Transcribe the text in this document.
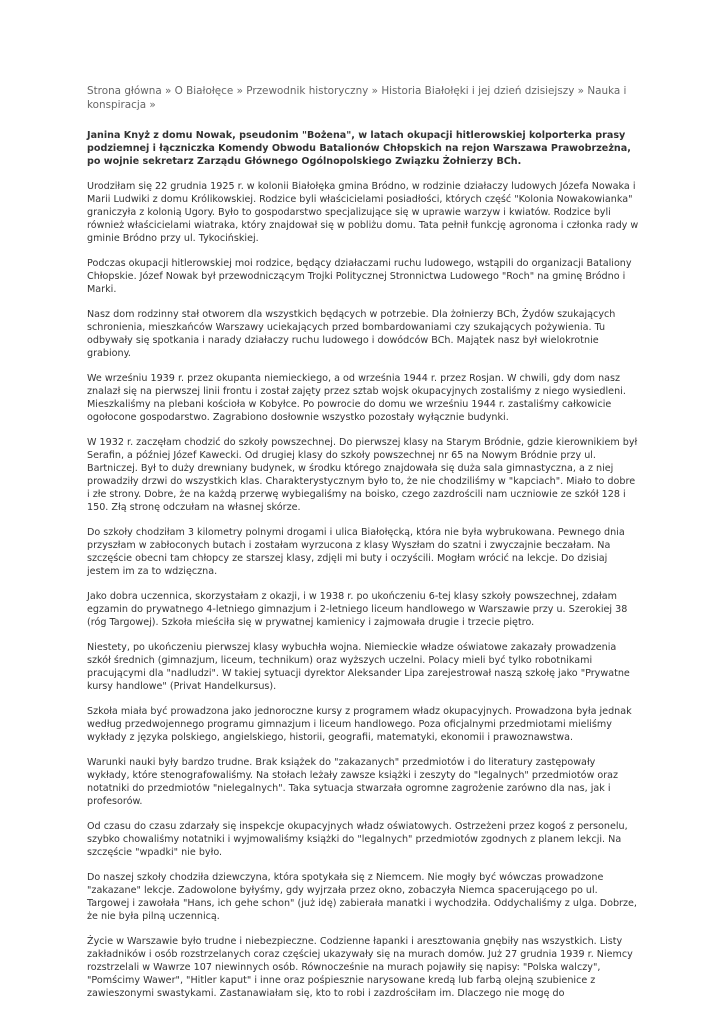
Strona główna » O Białołęce » Przewodnik historyczny » Historia Białołęki i jej dzień dzisiejszy » Nauka i konspiracja »

Janina Knyż z domu Nowak, pseudonim "Bożena", w latach okupacji hitlerowskiej kolporterka prasy podziemnej i łączniczka Komendy Obwodu Batalionów Chłopskich na rejon Warszawa Prawobrzeżna, po wojnie sekretarz Zarządu Głównego Ogólnopolskiego Związku Żołnierzy BCh.

Urodziłam się 22 grudnia 1925 r. w kolonii Białołęka gmina Bródno, w rodzinie działaczy ludowych Józefa Nowaka i Marii Ludwiki z domu Królikowskiej. Rodzice byli właścicielami posiadłości, których część "Kolonia Nowakowianka" graniczyła z kolonią Ugory. Było to gospodarstwo specjalizujące się w uprawie warzyw i kwiatów. Rodzice byli również właścicielami wiatraka, który znajdował się w pobliżu domu. Tata pełnił funkcję agronoma i członka rady w gminie Bródno przy ul. Tykocińskiej.

Podczas okupacji hitlerowskiej moi rodzice, będący działaczami ruchu ludowego, wstąpili do organizacji Bataliony Chłopskie. Józef Nowak był przewodniczącym Trojki Politycznej Stronnictwa Ludowego "Roch" na gminę Bródno i Marki.

Nasz dom rodzinny stał otworem dla wszystkich będących w potrzebie. Dla żołnierzy BCh, Żydów szukających schronienia, mieszkańców Warszawy uciekających przed bombardowaniami czy szukających pożywienia. Tu odbywały się spotkania i narady działaczy ruchu ludowego i dowódców BCh. Majątek nasz był wielokrotnie grabiony.

We wrześniu 1939 r. przez okupanta niemieckiego, a od września 1944 r. przez Rosjan. W chwili, gdy dom nasz znalazł się na pierwszej linii frontu i został zajęty przez sztab wojsk okupacyjnych zostaliśmy z niego wysiedleni. Mieszkaliśmy na plebani kościoła w Kobyłce. Po powrocie do domu we wrześniu 1944 r. zastaliśmy całkowicie ogołocone gospodarstwo. Zagrabiono dosłownie wszystko pozostały wyłącznie budynki.

W 1932 r. zaczęłam chodzić do szkoły powszechnej. Do pierwszej klasy na Starym Bródnie, gdzie kierownikiem był Serafin, a później Józef Kawecki. Od drugiej klasy do szkoły powszechnej nr 65 na Nowym Bródnie przy ul. Bartniczej. Był to duży drewniany budynek, w środku którego znajdowała się duża sala gimnastyczna, a z niej prowadziły drzwi do wszystkich klas. Charakterystycznym było to, że nie chodziliśmy w "kapciach". Miało to dobre i złe strony. Dobre, że na każdą przerwę wybiegaliśmy na boisko, czego zazdrościli nam uczniowie ze szkół 128 i 150. Złą stronę odczułam na własnej skórze.

Do szkoły chodziłam 3 kilometry polnymi drogami i ulica Białołęcką, która nie była wybrukowana. Pewnego dnia przyszłam w zabłoconych butach i zostałam wyrzucona z klasy Wyszłam do szatni i zwyczajnie beczałam. Na szczęście obecni tam chłopcy ze starszej klasy, zdjęli mi buty i oczyścili. Mogłam wrócić na lekcje. Do dzisiaj jestem im za to wdzięczna.

Jako dobra uczennica, skorzystałam z okazji, i w 1938 r. po ukończeniu 6-tej klasy szkoły powszechnej, zdałam egzamin do prywatnego 4-letniego gimnazjum i 2-letniego liceum handlowego w Warszawie przy u. Szerokiej 38 (róg Targowej). Szkoła mieściła się w prywatnej kamienicy i zajmowała drugie i trzecie piętro.

Niestety, po ukończeniu pierwszej klasy wybuchła wojna. Niemieckie władze oświatowe zakazały prowadzenia szkół średnich (gimnazjum, liceum, technikum) oraz wyższych uczelni. Polacy mieli być tylko robotnikami pracującymi dla "nadludzi". W takiej sytuacji dyrektor Aleksander Lipa zarejestrował naszą szkołę jako "Prywatne kursy handlowe" (Privat Handelkursus).

Szkoła miała być prowadzona jako jednoroczne kursy z programem władz okupacyjnych. Prowadzona była jednak według przedwojennego programu gimnazjum i liceum handlowego. Poza oficjalnymi przedmiotami mieliśmy wykłady z języka polskiego, angielskiego, historii, geografii, matematyki, ekonomii i prawoznawstwa.

Warunki nauki były bardzo trudne. Brak książek do "zakazanych" przedmiotów i do literatury zastępowały wykłady, które stenografowaliśmy. Na stołach leżały zawsze książki i zeszyty do "legalnych" przedmiotów oraz notatniki do przedmiotów "nielegalnych". Taka sytuacja stwarzała ogromne zagrożenie zarówno dla nas, jak i profesorów.

Od czasu do czasu zdarzały się inspekcje okupacyjnych władz oświatowych. Ostrzeżeni przez kogoś z personelu, szybko chowaliśmy notatniki i wyjmowaliśmy książki do "legalnych" przedmiotów zgodnych z planem lekcji. Na szczęście "wpadki" nie było.

Do naszej szkoły chodziła dziewczyna, która spotykała się z Niemcem. Nie mogły być wówczas prowadzone "zakazane" lekcje. Zadowolone byłyśmy, gdy wyjrzała przez okno, zobaczyła Niemca spacerującego po ul. Targowej i zawołała "Hans, ich gehe schon" (już idę) zabierała manatki i wychodziła. Oddychaliśmy z ulga. Dobrze, że nie była pilną uczennicą.

Życie w Warszawie było trudne i niebezpieczne. Codzienne łapanki i aresztowania gnębiły nas wszystkich. Listy zakładników i osób rozstrzelanych coraz częściej ukazywały się na murach domów. Już 27 grudnia 1939 r. Niemcy rozstrzelali w Wawrze 107 niewinnych osób. Równocześnie na murach pojawiły się napisy: "Polska walczy", "Pomścimy Wawer", "Hitler kaput" i inne oraz pośpiesznie narysowane kredą lub farbą olejną szubienice z zawieszonymi swastykami. Zastanawiałam się, kto to robi i zazdrościłam im. Dlaczego nie mogę do
